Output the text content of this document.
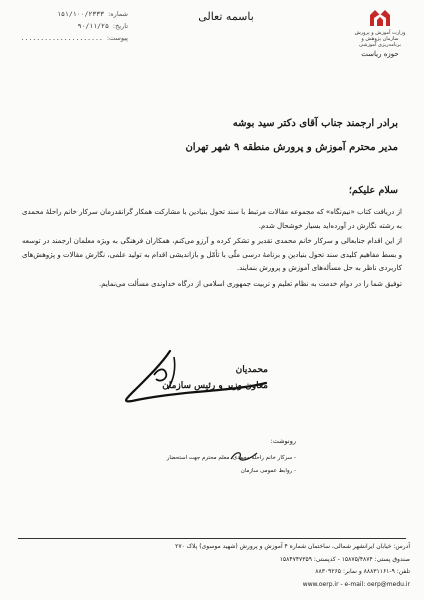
وزارت آموزش و پرورش
سازمان پژوهش و برنامه‌ریزی آموزشی
حوزه ریاست
باسمه تعالی
شماره:
۱۵۱/۱۰۰/۲۳۳۳
تاریخ:
۹۰/۱۱/۲۵
پیوست:
.....................
برادر ارجمند جناب آقای دکتر سید بوشه
مدیر محترم آموزش و پرورش منطقه ۹ شهر تهران
سلام علیکم؛

از دریافت کتاب «نیم‌نگاه» که مجموعه مقالات مرتبط با سند تحول بنیادین با مشارکت همکار گرانقدرمان سرکار خانم راحلهٔ محمدی به رشته نگارش در آورده‌اید بسیار خوشحال شدم.

از این اقدام جنابعالی و سرکار خانم محمدی تقدیر و تشکر کرده و آرزو می‌کنم، همکاران فرهنگی به ویژه معلمان ارجمند در توسعه و بسط مفاهیم کلیدی سند تحول بنیادین و برنامهٔ درسی ملّی با تأمّل و بازاندیشی اقدام به تولید علمی، نگارش مقالات و پژوهش‌های کاربردی ناظر به حل مسأله‌های آموزش و پرورش بنمایند.

توفیق شما را در دوام خدمت به نظام تعلیم و تربیت جمهوری اسلامی از درگاه خداوندی مسألت می‌نمایم.

محمدیان
معاون وزیر و رئیس سازمان
رونوشت:
- سرکار خانم راحله محمدی، معلم محترم جهت استحضار
- روابط عمومی سازمان
آدرس: خیابان ایرانشهر شمالی، ساختمان شماره ۴ آموزش و پرورش (شهید موسوی) پلاک ۲۷۰
صندوق پستی: ۱۵۸۷۵/۴۸۷۴ - کدپستی: ۱۵۸۴۷۴۷۳۵۹
تلفن: ۹-۸۸۸۳۱۱۶۱ و نمابر: ۸۸۳۰۹۲۶۵
www.oerp.ir - e-mail: oerp@medu.ir
